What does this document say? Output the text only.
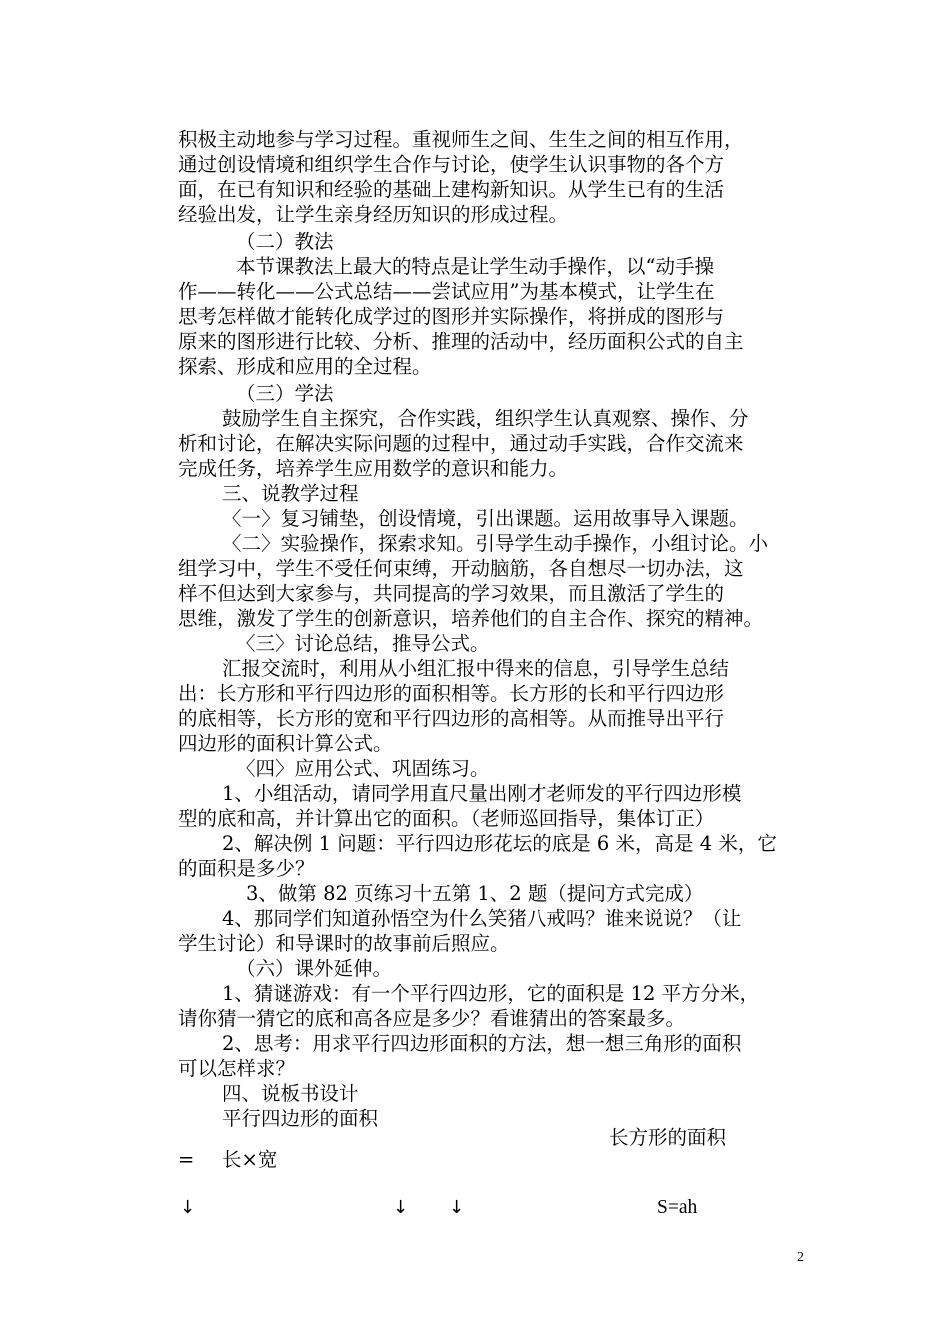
积极主动地参与学习过程。重视师生之间、生生之间的相互作用，
通过创设情境和组织学生合作与讨论，使学生认识事物的各个方
面，在已有知识和经验的基础上建构新知识。从学生已有的生活
经验出发，让学生亲身经历知识的形成过程。
（二）教法
本节课教法上最大的特点是让学生动手操作，以“动手操
作——转化——公式总结——尝试应用”为基本模式，让学生在
思考怎样做才能转化成学过的图形并实际操作，将拼成的图形与
原来的图形进行比较、分析、推理的活动中，经历面积公式的自主
探索、形成和应用的全过程。
（三）学法
鼓励学生自主探究，合作实践，组织学生认真观察、操作、分
析和讨论，在解决实际问题的过程中，通过动手实践，合作交流来
完成任务，培养学生应用数学的意识和能力。
三、说教学过程
〈一〉复习铺垫，创设情境，引出课题。运用故事导入课题。
〈二〉实验操作，探索求知。引导学生动手操作，小组讨论。小
组学习中，学生不受任何束缚，开动脑筋，各自想尽一切办法，这
样不但达到大家参与，共同提高的学习效果，而且激活了学生的
思维，激发了学生的创新意识，培养他们的自主合作、探究的精神。
〈三〉讨论总结，推导公式。
汇报交流时，利用从小组汇报中得来的信息，引导学生总结
出：长方形和平行四边形的面积相等。长方形的长和平行四边形
的底相等，长方形的宽和平行四边形的高相等。从而推导出平行
四边形的面积计算公式。
〈四〉应用公式、巩固练习。
1、小组活动，请同学用直尺量出刚才老师发的平行四边形模
型的底和高，并计算出它的面积。（老师巡回指导，集体订正）
2、解决例 1 问题：平行四边形花坛的底是 6 米，高是 4 米，它
的面积是多少？
3、做第 82 页练习十五第 1、2 题（提问方式完成）
4、那同学们知道孙悟空为什么笑猪八戒吗？谁来说说？（让
学生讨论）和导课时的故事前后照应。
（六）课外延伸。
1、猜谜游戏：有一个平行四边形，它的面积是 12 平方分米，
请你猜一猜它的底和高各应是多少？看谁猜出的答案最多。
2、思考：用求平行四边形面积的方法，想一想三角形的面积
可以怎样求？
四、说板书设计
平行四边形的面积
长方形的面积
= 长×宽
↓	↓ ↓	S=ah
2
